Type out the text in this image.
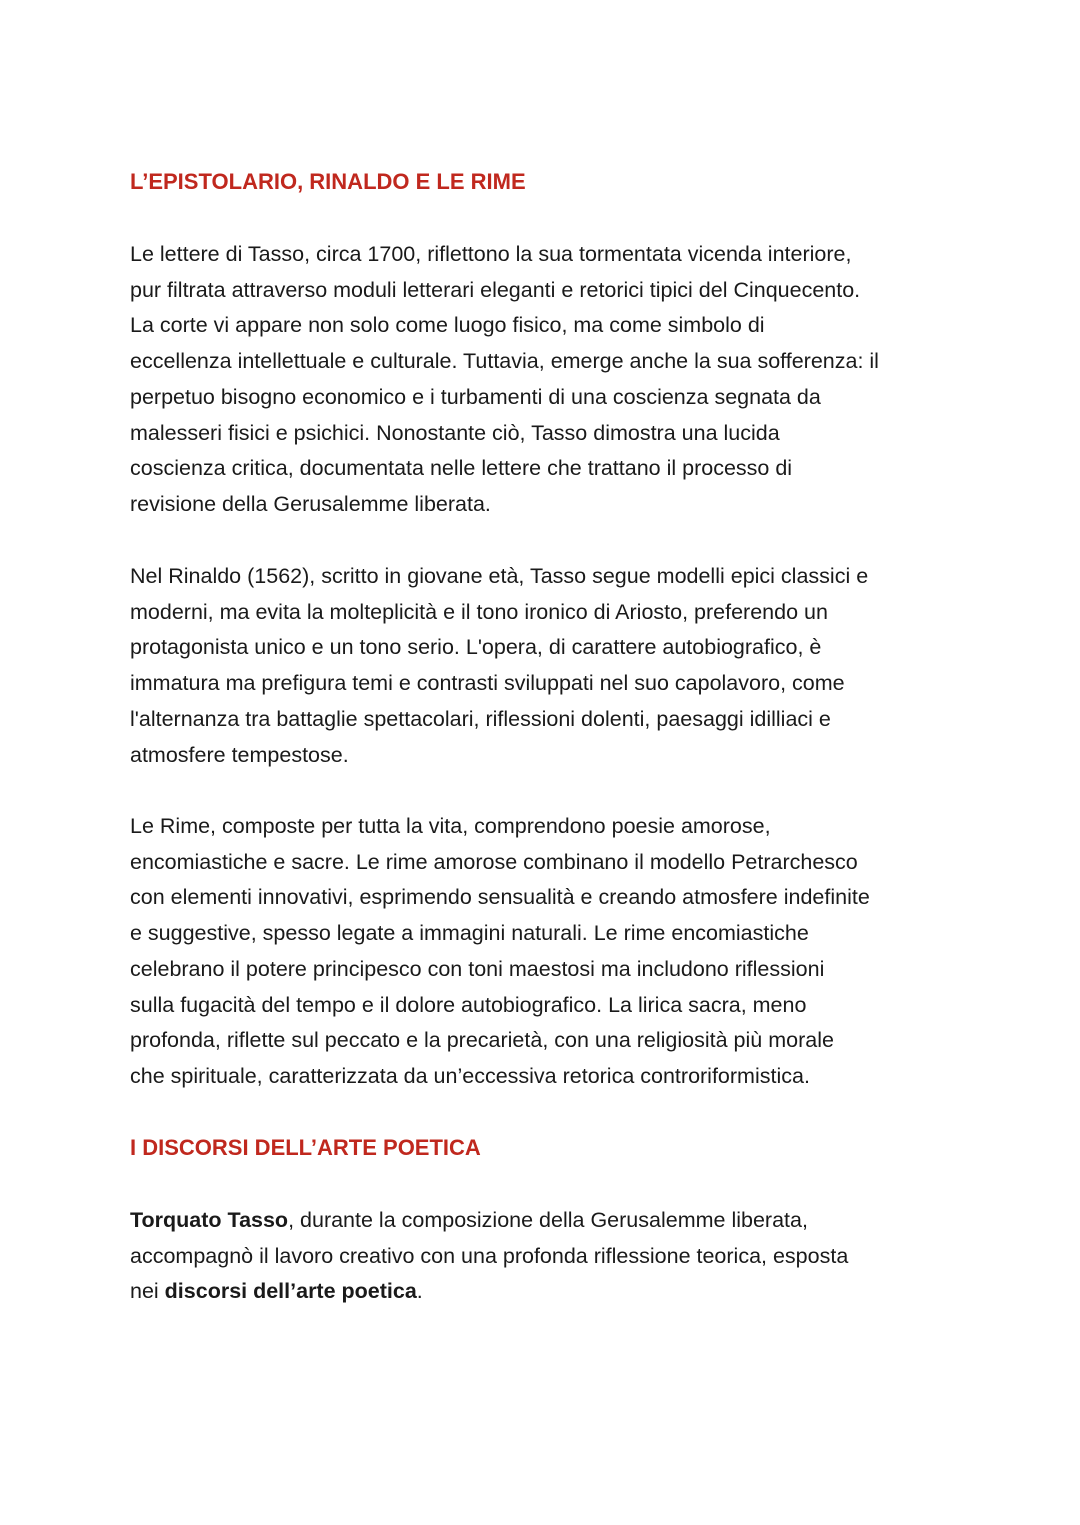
L’EPISTOLARIO, RINALDO E LE RIME

Le lettere di Tasso, circa 1700, riflettono la sua tormentata vicenda interiore,
pur filtrata attraverso moduli letterari eleganti e retorici tipici del Cinquecento.
La corte vi appare non solo come luogo fisico, ma come simbolo di
eccellenza intellettuale e culturale. Tuttavia, emerge anche la sua sofferenza: il
perpetuo bisogno economico e i turbamenti di una coscienza segnata da
malesseri fisici e psichici. Nonostante ciò, Tasso dimostra una lucida
coscienza critica, documentata nelle lettere che trattano il processo di
revisione della Gerusalemme liberata.

Nel Rinaldo (1562), scritto in giovane età, Tasso segue modelli epici classici e
moderni, ma evita la molteplicità e il tono ironico di Ariosto, preferendo un
protagonista unico e un tono serio. L'opera, di carattere autobiografico, è
immatura ma prefigura temi e contrasti sviluppati nel suo capolavoro, come
l'alternanza tra battaglie spettacolari, riflessioni dolenti, paesaggi idilliaci e
atmosfere tempestose.

Le Rime, composte per tutta la vita, comprendono poesie amorose,
encomiastiche e sacre. Le rime amorose combinano il modello Petrarchesco
con elementi innovativi, esprimendo sensualità e creando atmosfere indefinite
e suggestive, spesso legate a immagini naturali. Le rime encomiastiche
celebrano il potere principesco con toni maestosi ma includono riflessioni
sulla fugacità del tempo e il dolore autobiografico. La lirica sacra, meno
profonda, riflette sul peccato e la precarietà, con una religiosità più morale
che spirituale, caratterizzata da un’eccessiva retorica controriformistica.

I DISCORSI DELL’ARTE POETICA

Torquato Tasso, durante la composizione della Gerusalemme liberata,
accompagnò il lavoro creativo con una profonda riflessione teorica, esposta
nei discorsi dell’arte poetica.
